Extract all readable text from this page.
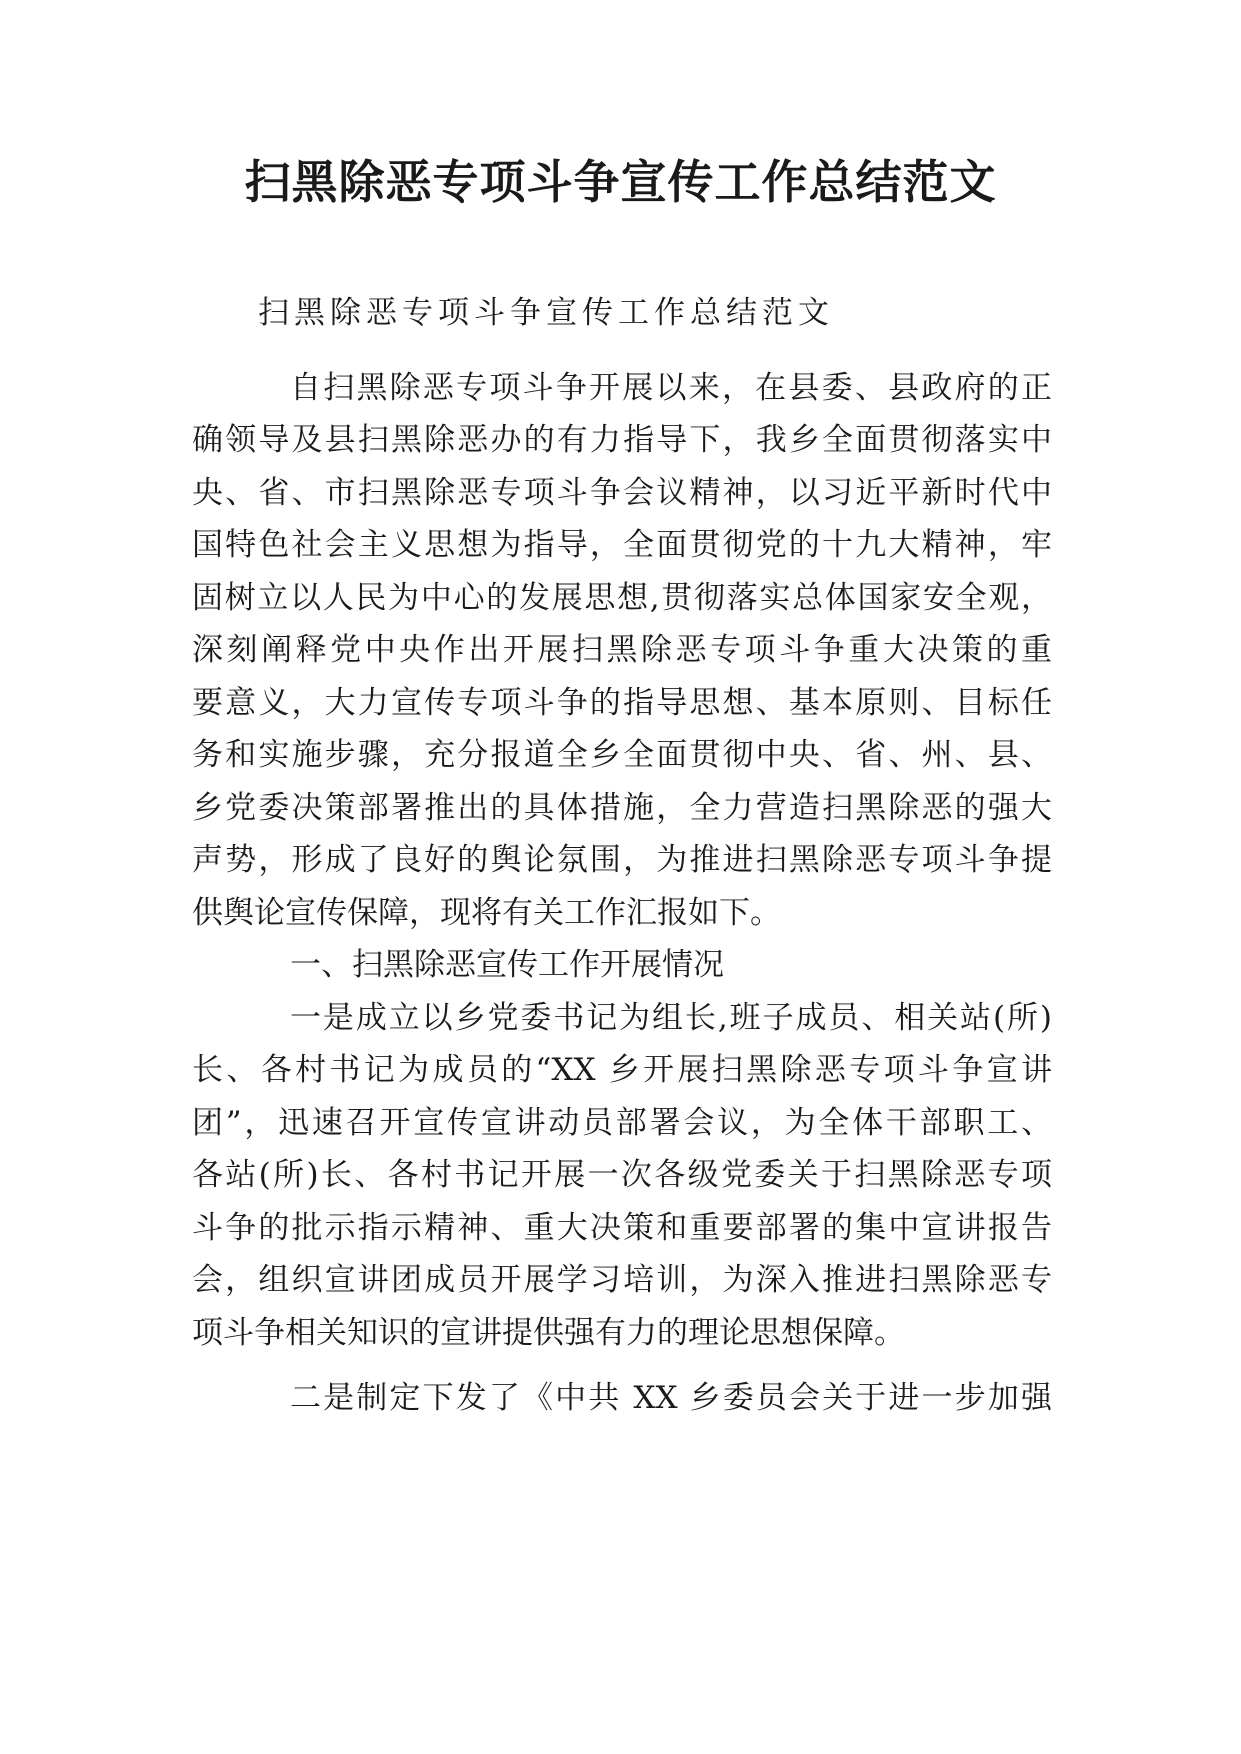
扫黑除恶专项斗争宣传工作总结范文

扫黑除恶专项斗争宣传工作总结范文

自扫黑除恶专项斗争开展以来，在县委、县政府的正

确领导及县扫黑除恶办的有力指导下，我乡全面贯彻落实中

央、省、市扫黑除恶专项斗争会议精神，以习近平新时代中

国特色社会主义思想为指导，全面贯彻党的十九大精神，牢

固树立以人民为中心的发展思想,贯彻落实总体国家安全观，

深刻阐释党中央作出开展扫黑除恶专项斗争重大决策的重

要意义，大力宣传专项斗争的指导思想、基本原则、目标任

务和实施步骤，充分报道全乡全面贯彻中央、省、州、县、

乡党委决策部署推出的具体措施，全力营造扫黑除恶的强大

声势，形成了良好的舆论氛围，为推进扫黑除恶专项斗争提

供舆论宣传保障，现将有关工作汇报如下。

一、扫黑除恶宣传工作开展情况

一是成立以乡党委书记为组长,班子成员、相关站(所)

长、各村书记为成员的“XX 乡开展扫黑除恶专项斗争宣讲

团”，迅速召开宣传宣讲动员部署会议，为全体干部职工、

各站(所)长、各村书记开展一次各级党委关于扫黑除恶专项

斗争的批示指示精神、重大决策和重要部署的集中宣讲报告

会，组织宣讲团成员开展学习培训，为深入推进扫黑除恶专

项斗争相关知识的宣讲提供强有力的理论思想保障。

二是制定下发了《中共 XX 乡委员会关于进一步加强
